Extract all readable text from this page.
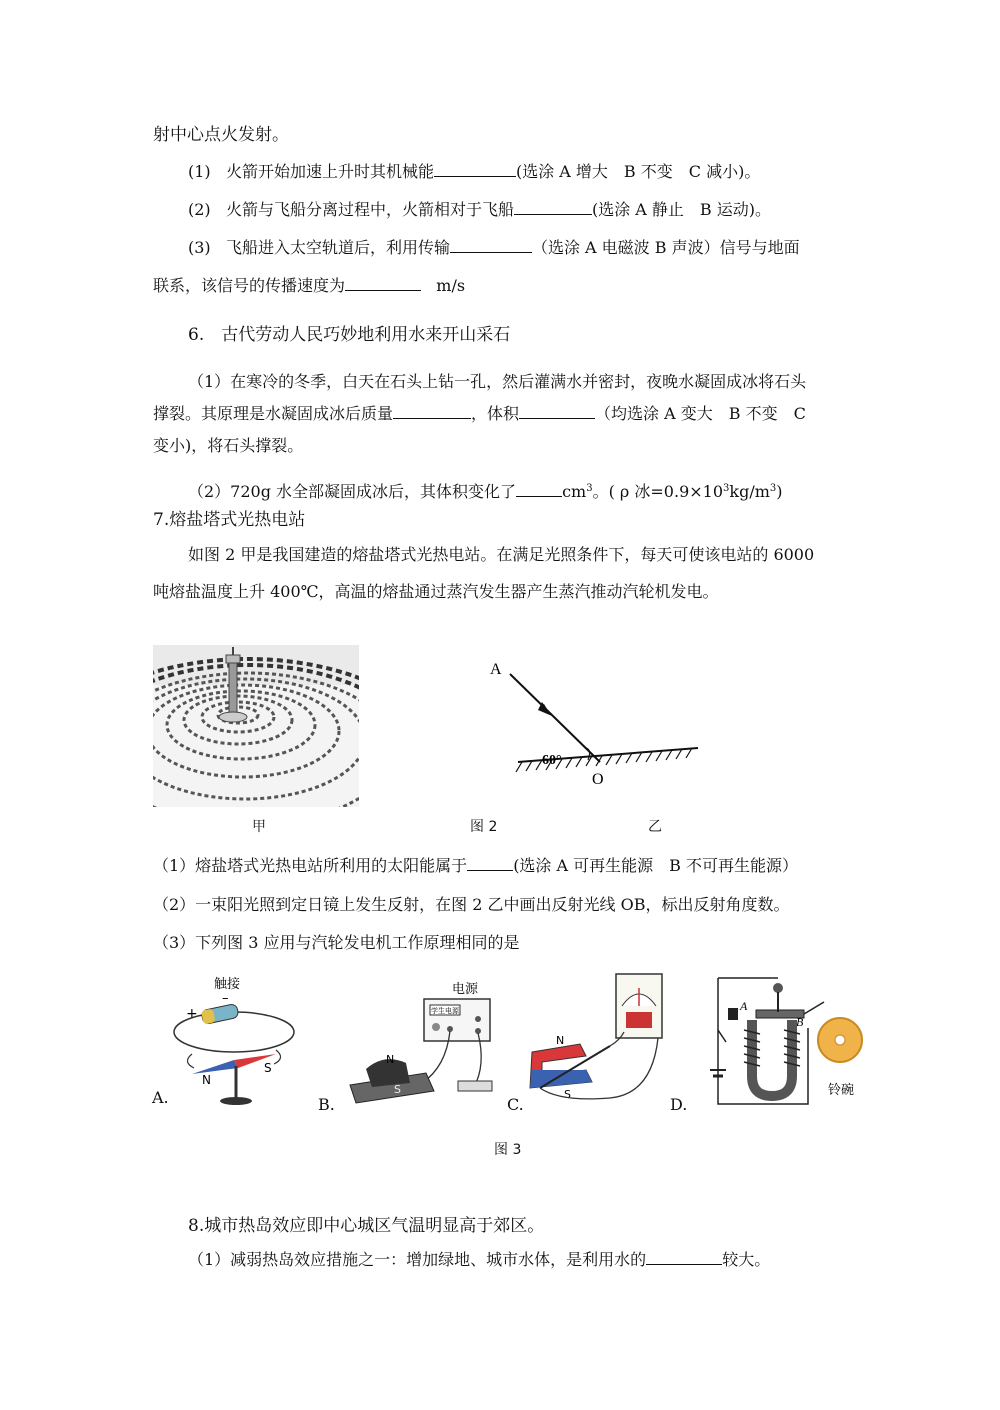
射中心点火发射。
(1) 火箭开始加速上升时其机械能	(选涂 A 增大　B 不变　C 减小)。
(2) 火箭与飞船分离过程中，火箭相对于飞船	(选涂 A 静止　B 运动)。
(3) 飞船进入太空轨道后，利用传输	（选涂 A 电磁波 B 声波）信号与地面
联系，该信号的传播速度为	m/s
6.　古代劳动人民巧妙地利用水来开山采石
（1）在寒冷的冬季，白天在石头上钻一孔，然后灌满水并密封，夜晚水凝固成冰将石头
撑裂。其原理是水凝固成冰后质量	，体积	（均选涂 A 变大　B 不变　C
变小)，将石头撑裂。
（2）720g 水全部凝固成冰后，其体积变化了	$cm^3$。( ρ 冰$=0.9\times 10^3kg/m^3$)
7.熔盐塔式光热电站
如图 2 甲是我国建造的熔盐塔式光热电站。在满足光照条件下，每天可使该电站的 6000
吨熔盐温度上升 400℃，高温的熔盐通过蒸汽发生器产生蒸汽推动汽轮机发电。
甲	图 2	乙
A
60°
O
（1）熔盐塔式光热电站所利用的太阳能属于	(选涂 A 可再生能源　B 不可再生能源）
（2）一束阳光照到定日镜上发生反射，在图 2 乙中画出反射光线 OB，标出反射角度数。
（3）下列图 3 应用与汽轮发电机工作原理相同的是
触接
–
+
N
S
A.
电源
学生电源
N
S
B.
N
S
C.
A
B
铃碗
D.
图 3
8.城市热岛效应即中心城区气温明显高于郊区。
（1）减弱热岛效应措施之一：增加绿地、城市水体，是利用水的	较大。
